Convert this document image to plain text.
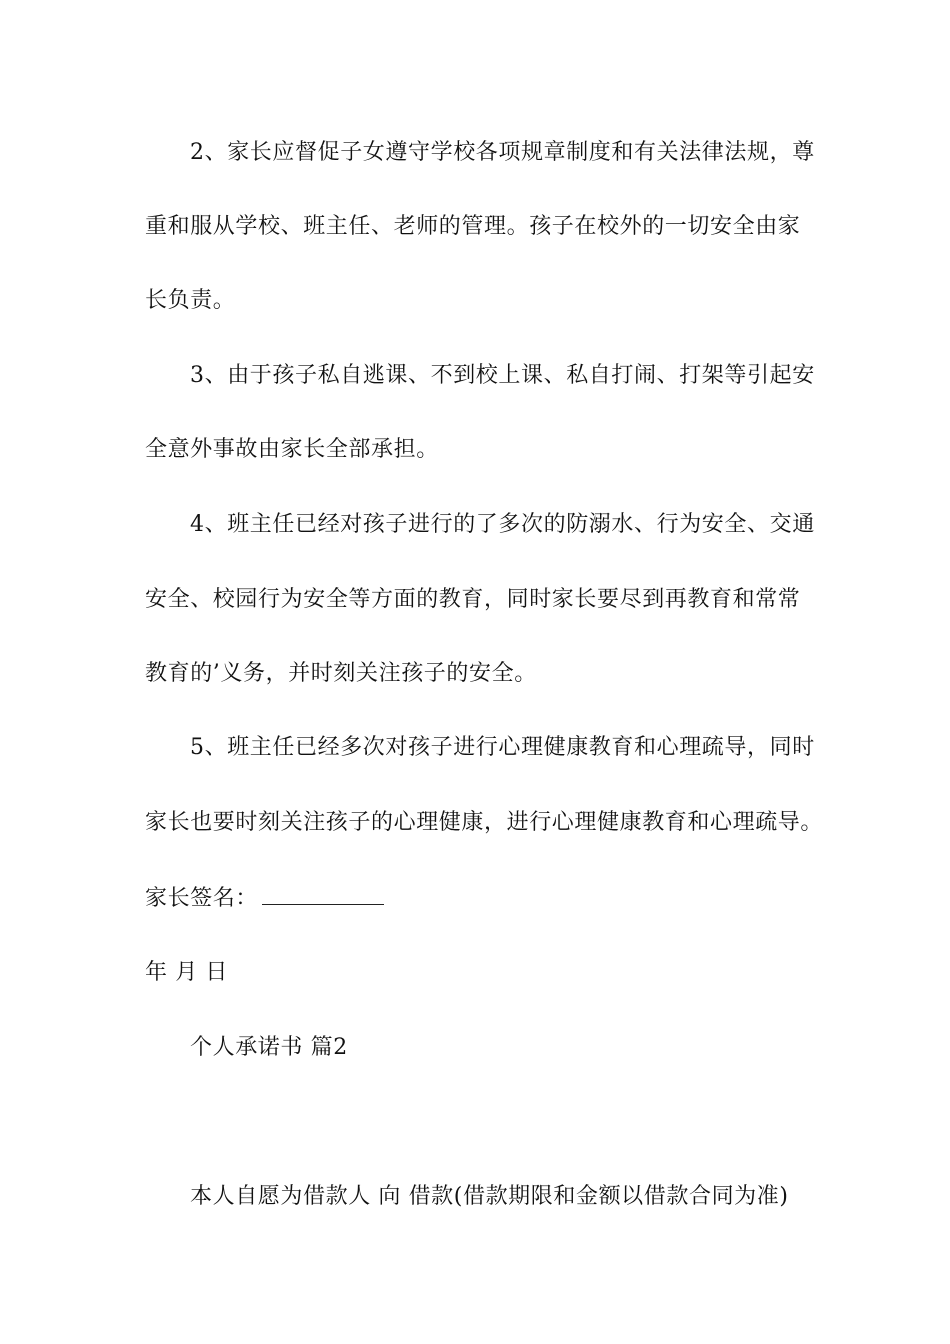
2、家长应督促子女遵守学校各项规章制度和有关法律法规，尊
重和服从学校、班主任、老师的管理。孩子在校外的一切安全由家
长负责。
3、由于孩子私自逃课、不到校上课、私自打闹、打架等引起安
全意外事故由家长全部承担。
4、班主任已经对孩子进行的了多次的防溺水、行为安全、交通
安全、校园行为安全等方面的教育，同时家长要尽到再教育和常常
教育的’义务，并时刻关注孩子的安全。
5、班主任已经多次对孩子进行心理健康教育和心理疏导，同时
家长也要时刻关注孩子的心理健康，进行心理健康教育和心理疏导。
家长签名：
年 月 日
个人承诺书 篇2
本人自愿为借款人 向 借款(借款期限和金额以借款合同为准)
